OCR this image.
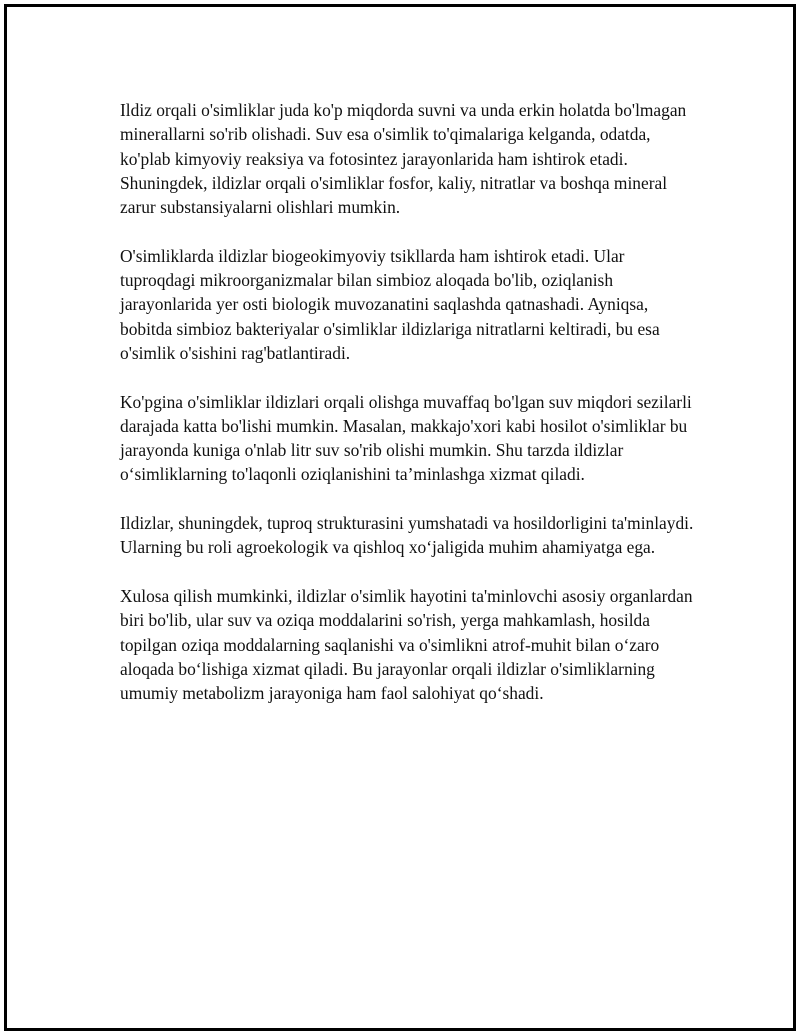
Ildiz orqali o'simliklar juda ko'p miqdorda suvni va unda erkin holatda bo'lmagan minerallarni so'rib olishadi. Suv esa o'simlik to'qimalariga kelganda, odatda, ko'plab kimyoviy reaksiya va fotosintez jarayonlarida ham ishtirok etadi. Shuningdek, ildizlar orqali o'simliklar fosfor, kaliy, nitratlar va boshqa mineral zarur substansiyalarni olishlari mumkin.

O'simliklarda ildizlar biogeokimyoviy tsikllarda ham ishtirok etadi. Ular tuproqdagi mikroorganizmalar bilan simbioz aloqada bo'lib, oziqlanish jarayonlarida yer osti biologik muvozanatini saqlashda qatnashadi. Ayniqsa, bobitda simbioz bakteriyalar o'simliklar ildizlariga nitratlarni keltiradi, bu esa o'simlik o'sishini rag'batlantiradi.

Ko'pgina o'simliklar ildizlari orqali olishga muvaffaq bo'lgan suv miqdori sezilarli darajada katta bo'lishi mumkin. Masalan, makkajo'xori kabi hosilot o'simliklar bu jarayonda kuniga o'nlab litr suv so'rib olishi mumkin. Shu tarzda ildizlar o‘simliklarning to'laqonli oziqlanishini ta’minlashga xizmat qiladi.

Ildizlar, shuningdek, tuproq strukturasini yumshatadi va hosildorligini ta'minlaydi. Ularning bu roli agroekologik va qishloq xo‘jaligida muhim ahamiyatga ega.

Xulosa qilish mumkinki, ildizlar o'simlik hayotini ta'minlovchi asosiy organlardan biri bo'lib, ular suv va oziqa moddalarini so'rish, yerga mahkamlash, hosilda topilgan oziqa moddalarning saqlanishi va o'simlikni atrof-muhit bilan o‘zaro aloqada bo‘lishiga xizmat qiladi. Bu jarayonlar orqali ildizlar o'simliklarning umumiy metabolizm jarayoniga ham faol salohiyat qo‘shadi.
